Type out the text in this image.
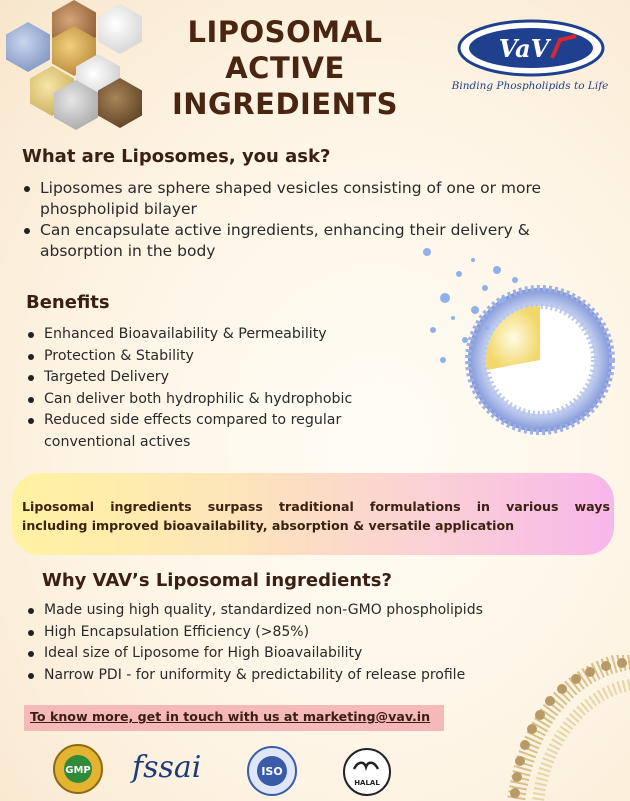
LIPOSOMAL
ACTIVE
INGREDIENTS
VaV
Binding Phospholipids to Life
What are Liposomes, you ask?
Liposomes are sphere shaped vesicles consisting of one or more phospholipid bilayer
Can encapsulate active ingredients, enhancing their delivery & absorption in the body
Benefits
Enhanced Bioavailability & Permeability
Protection & Stability
Targeted Delivery
Can deliver both hydrophilic & hydrophobic
Reduced side effects compared to regular conventional actives
Liposomal ingredients surpass traditional formulations in various ways
including improved bioavailability, absorption & versatile application
Why VAV’s Liposomal ingredients?
Made using high quality, standardized non-GMO phospholipids
High Encapsulation Efficiency (>85%)
Ideal size of Liposome for High Bioavailability
Narrow PDI - for uniformity & predictability of release profile
To know more, get in touch with us at marketing@vav.in
GMP fssai	ISO
HALAL
